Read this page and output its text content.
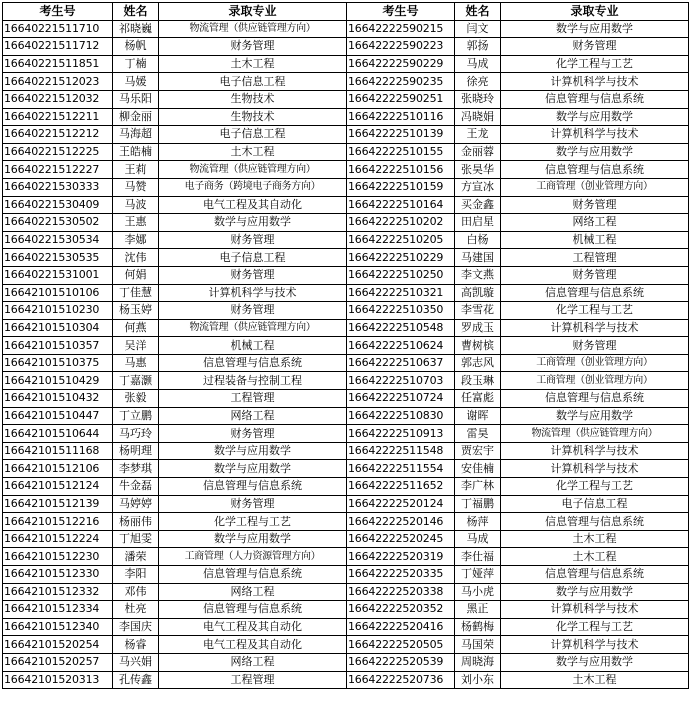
考生号	姓名	录取专业	考生号	姓名	录取专业
16640221511710	祁晓巍	物流管理（供应链管理方向）	16642222590215	闫文	数学与应用数学
16640221511712	杨帆	财务管理	16642222590223	郭扬	财务管理
16640221511851	丁楠	土木工程	16642222590229	马成	化学工程与工艺
16640221512023	马媛	电子信息工程	16642222590235	徐亮	计算机科学与技术
16640221512032	马乐阳	生物技术	16642222590251	张晓玲	信息管理与信息系统
16640221512211	柳金丽	生物技术	16642222510116	冯晓娟	数学与应用数学
16640221512212	马海超	电子信息工程	16642222510139	王龙	计算机科学与技术
16640221512225	王皓楠	土木工程	16642222510155	金丽蓉	数学与应用数学
16640221512227	王莉	物流管理（供应链管理方向）	16642222510156	张昊华	信息管理与信息系统
16640221530333	马赞	电子商务（跨境电子商务方向）	16642222510159	方宣冰	工商管理（创业管理方向）
16640221530409	马波	电气工程及其自动化	16642222510164	买金鑫	财务管理
16640221530502	王惠	数学与应用数学	16642222510202	田启星	网络工程
16640221530534	李娜	财务管理	16642222510205	白杨	机械工程
16640221530535	沈伟	电子信息工程	16642222510229	马建国	工程管理
16640221531001	何娟	财务管理	16642222510250	李文燕	财务管理
16642101510106	丁佳慧	计算机科学与技术	16642222510321	高凯璇	信息管理与信息系统
16642101510230	杨玉婷	财务管理	16642222510350	李雪花	化学工程与工艺
16642101510304	何燕	物流管理（供应链管理方向）	16642222510548	罗成玉	计算机科学与技术
16642101510357	吴洋	机械工程	16642222510624	曹树槟	财务管理
16642101510375	马惠	信息管理与信息系统	16642222510637	郭志风	工商管理（创业管理方向）
16642101510429	丁嘉灏	过程装备与控制工程	16642222510703	段玉琳	工商管理（创业管理方向）
16642101510432	张毅	工程管理	16642222510724	任富彪	信息管理与信息系统
16642101510447	丁立鹏	网络工程	16642222510830	谢晖	数学与应用数学
16642101510644	马巧玲	财务管理	16642222510913	雷昊	物流管理（供应链管理方向）
16642101511168	杨明理	数学与应用数学	16642222511548	贾宏宇	计算机科学与技术
16642101512106	李梦琪	数学与应用数学	16642222511554	安佳楠	计算机科学与技术
16642101512124	牛金磊	信息管理与信息系统	16642222511652	李广林	化学工程与工艺
16642101512139	马婷婷	财务管理	16642222520124	丁福鹏	电子信息工程
16642101512216	杨丽伟	化学工程与工艺	16642222520146	杨萍	信息管理与信息系统
16642101512224	丁旭雯	数学与应用数学	16642222520245	马成	土木工程
16642101512230	潘荣	工商管理（人力资源管理方向）	16642222520319	李仕福	土木工程
16642101512330	李阳	信息管理与信息系统	16642222520335	丁娅萍	信息管理与信息系统
16642101512332	邓伟	网络工程	16642222520338	马小虎	数学与应用数学
16642101512334	杜亮	信息管理与信息系统	16642222520352	黑正	计算机科学与技术
16642101512340	李国庆	电气工程及其自动化	16642222520416	杨鹤梅	化学工程与工艺
16642101520254	杨睿	电气工程及其自动化	16642222520505	马国荣	计算机科学与技术
16642101520257	马兴娟	网络工程	16642222520539	周晓海	数学与应用数学
16642101520313	孔传鑫	工程管理	16642222520736	刘小东	土木工程
